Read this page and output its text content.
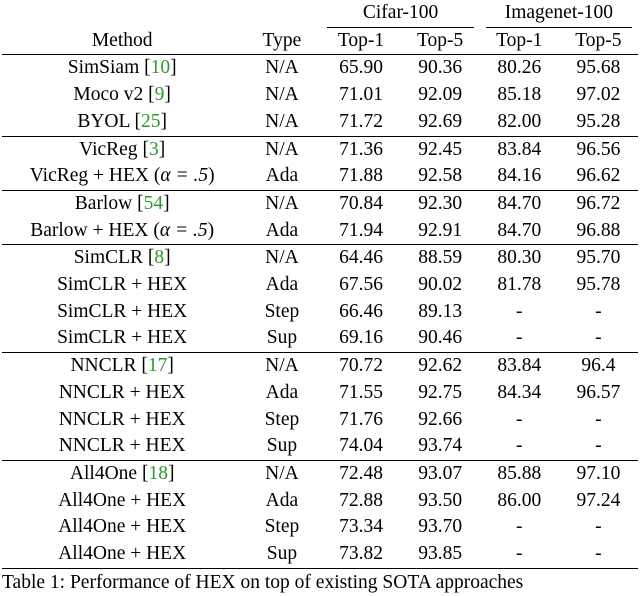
		Cifar-100		Imagenet-100	

Method	Type	Top-1	Top-5	Top-1	Top-5
SimSiam [10]	N/A	65.90	90.36	80.26	95.68
Moco v2 [9]	N/A	71.01	92.09	85.18	97.02
BYOL [25]	N/A	71.72	92.69	82.00	95.28
VicReg [3]	N/A	71.36	92.45	83.84	96.56
VicReg + HEX (α = .5)	Ada	71.88	92.58	84.16	96.62
Barlow [54]	N/A	70.84	92.30	84.70	96.72
Barlow + HEX (α = .5)	Ada	71.94	92.91	84.70	96.88
SimCLR [8]	N/A	64.46	88.59	80.30	95.70
SimCLR + HEX	Ada	67.56	90.02	81.78	95.78
SimCLR + HEX	Step	66.46	89.13	-	-
SimCLR + HEX	Sup	69.16	90.46	-	-
NNCLR [17]	N/A	70.72	92.62	83.84	96.4
NNCLR + HEX	Ada	71.55	92.75	84.34	96.57
NNCLR + HEX	Step	71.76	92.66	-	-
NNCLR + HEX	Sup	74.04	93.74	-	-
All4One [18]	N/A	72.48	93.07	85.88	97.10
All4One + HEX	Ada	72.88	93.50	86.00	97.24
All4One + HEX	Step	73.34	93.70	-	-
All4One + HEX	Sup	73.82	93.85	-	-
Table 1: Performance of HEX on top of existing SOTA approaches
